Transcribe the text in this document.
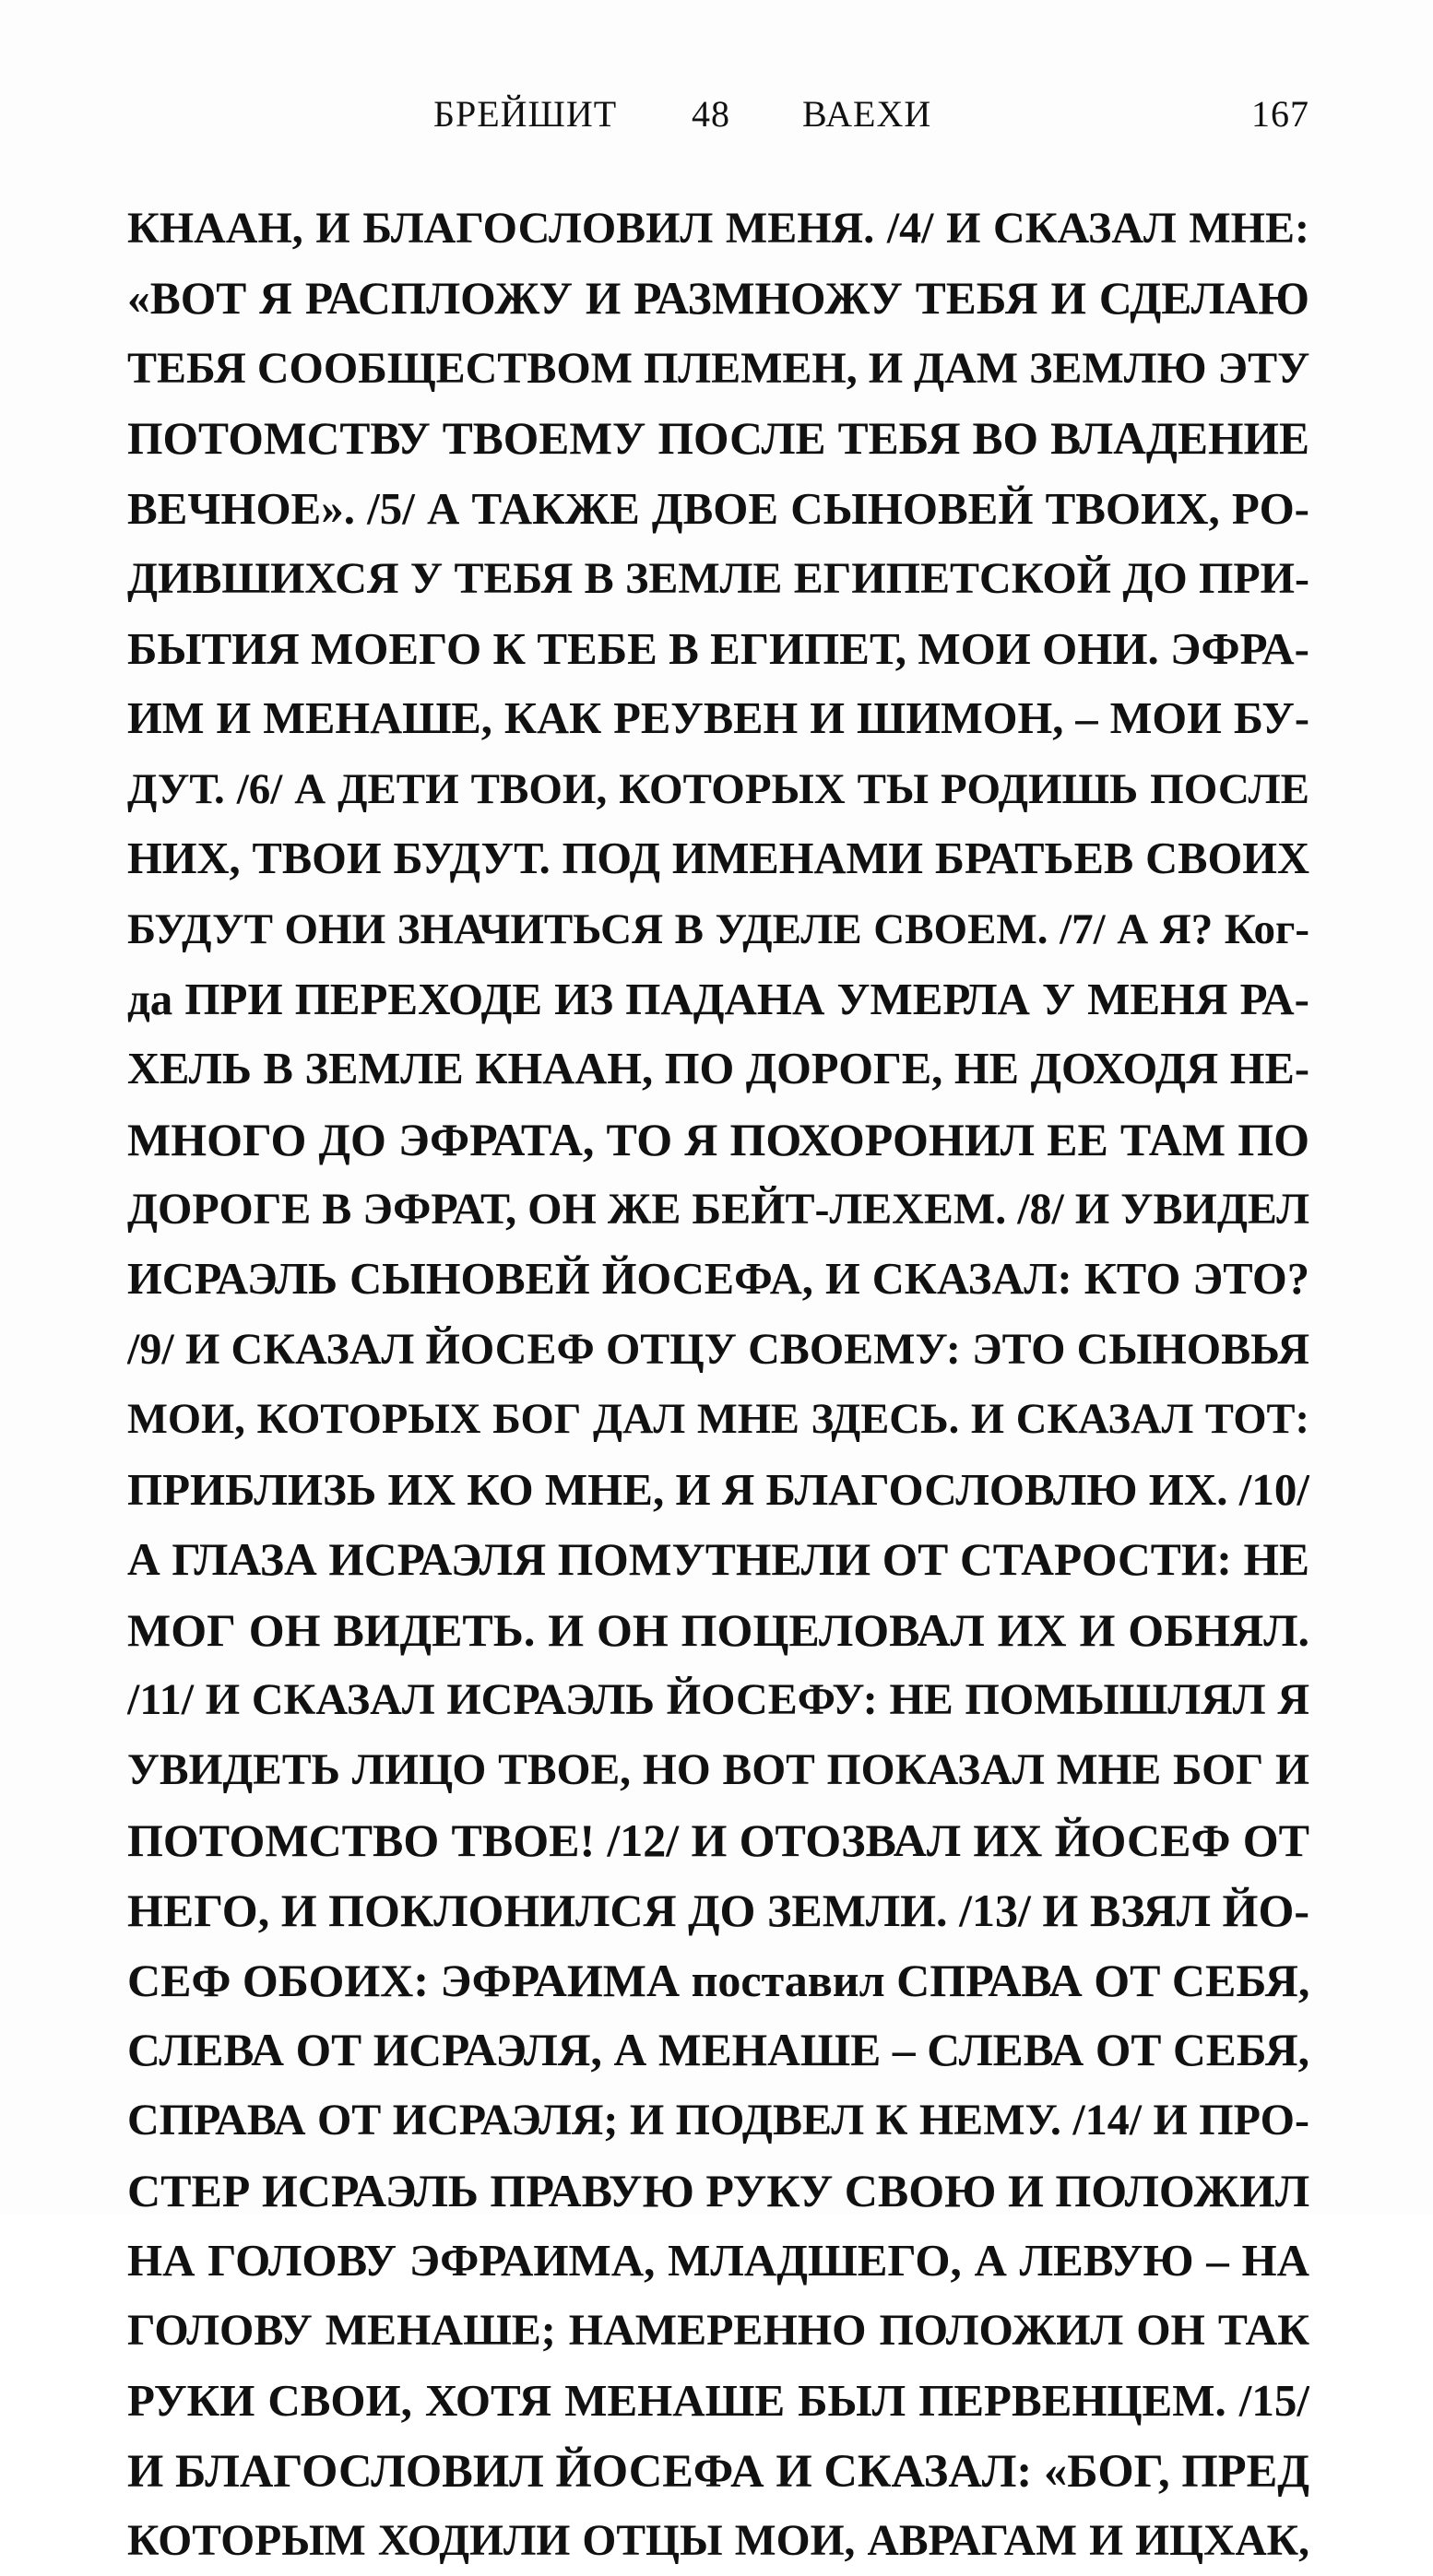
БРЕЙШИТ 48 ВАЕХИ	167
КНААН, И БЛАГОСЛОВИЛ МЕНЯ. /4/ И СКАЗАЛ МНЕ:
«ВОТ Я РАСПЛОЖУ И РАЗМНОЖУ ТЕБЯ И СДЕЛАЮ
ТЕБЯ СООБЩЕСТВОМ ПЛЕМЕН, И ДАМ ЗЕМЛЮ ЭТУ
ПОТОМСТВУ ТВОЕМУ ПОСЛЕ ТЕБЯ ВО ВЛАДЕНИЕ
ВЕЧНОЕ». /5/ А ТАКЖЕ ДВОЕ СЫНОВЕЙ ТВОИХ, РО-
ДИВШИХСЯ У ТЕБЯ В ЗЕМЛЕ ЕГИПЕТСКОЙ ДО ПРИ-
БЫТИЯ МОЕГО К ТЕБЕ В ЕГИПЕТ, МОИ ОНИ. ЭФРА-
ИМ И МЕНАШЕ, КАК РЕУВЕН И ШИМОН, – МОИ БУ-
ДУТ. /6/ А ДЕТИ ТВОИ, КОТОРЫХ ТЫ РОДИШЬ ПОСЛЕ
НИХ, ТВОИ БУДУТ. ПОД ИМЕНАМИ БРАТЬЕВ СВОИХ
БУДУТ ОНИ ЗНАЧИТЬСЯ В УДЕЛЕ СВОЕМ. /7/ А Я? Ког-
да ПРИ ПЕРЕХОДЕ ИЗ ПАДАНА УМЕРЛА У МЕНЯ РА-
ХЕЛЬ В ЗЕМЛЕ КНААН, ПО ДОРОГЕ, НЕ ДОХОДЯ НЕ-
МНОГО ДО ЭФРАТА, ТО Я ПОХОРОНИЛ ЕЕ ТАМ ПО
ДОРОГЕ В ЭФРАТ, ОН ЖЕ БЕЙТ-ЛЕХЕМ. /8/ И УВИДЕЛ
ИСРАЭЛЬ СЫНОВЕЙ ЙОСЕФА, И СКАЗАЛ: КТО ЭТО?
/9/ И СКАЗАЛ ЙОСЕФ ОТЦУ СВОЕМУ: ЭТО СЫНОВЬЯ
МОИ, КОТОРЫХ БОГ ДАЛ МНЕ ЗДЕСЬ. И СКАЗАЛ ТОТ:
ПРИБЛИЗЬ ИХ КО МНЕ, И Я БЛАГОСЛОВЛЮ ИХ. /10/
А ГЛАЗА ИСРАЭЛЯ ПОМУТНЕЛИ ОТ СТАРОСТИ: НЕ
МОГ ОН ВИДЕТЬ. И ОН ПОЦЕЛОВАЛ ИХ И ОБНЯЛ.
/11/ И СКАЗАЛ ИСРАЭЛЬ ЙОСЕФУ: НЕ ПОМЫШЛЯЛ Я
УВИДЕТЬ ЛИЦО ТВОЕ, НО ВОТ ПОКАЗАЛ МНЕ БОГ И
ПОТОМСТВО ТВОЕ! /12/ И ОТОЗВАЛ ИХ ЙОСЕФ ОТ
НЕГО, И ПОКЛОНИЛСЯ ДО ЗЕМЛИ. /13/ И ВЗЯЛ ЙО-
СЕФ ОБОИХ: ЭФРАИМА поставил СПРАВА ОТ СЕБЯ,
СЛЕВА ОТ ИСРАЭЛЯ, А МЕНАШЕ – СЛЕВА ОТ СЕБЯ,
СПРАВА ОТ ИСРАЭЛЯ; И ПОДВЕЛ К НЕМУ. /14/ И ПРО-
СТЕР ИСРАЭЛЬ ПРАВУЮ РУКУ СВОЮ И ПОЛОЖИЛ
НА ГОЛОВУ ЭФРАИМА, МЛАДШЕГО, А ЛЕВУЮ – НА
ГОЛОВУ МЕНАШЕ; НАМЕРЕННО ПОЛОЖИЛ ОН ТАК
РУКИ СВОИ, ХОТЯ МЕНАШЕ БЫЛ ПЕРВЕНЦЕМ. /15/
И БЛАГОСЛОВИЛ ЙОСЕФА И СКАЗАЛ: «БОГ, ПРЕД
КОТОРЫМ ХОДИЛИ ОТЦЫ МОИ, АВРАГАМ И ИЦХАК,
